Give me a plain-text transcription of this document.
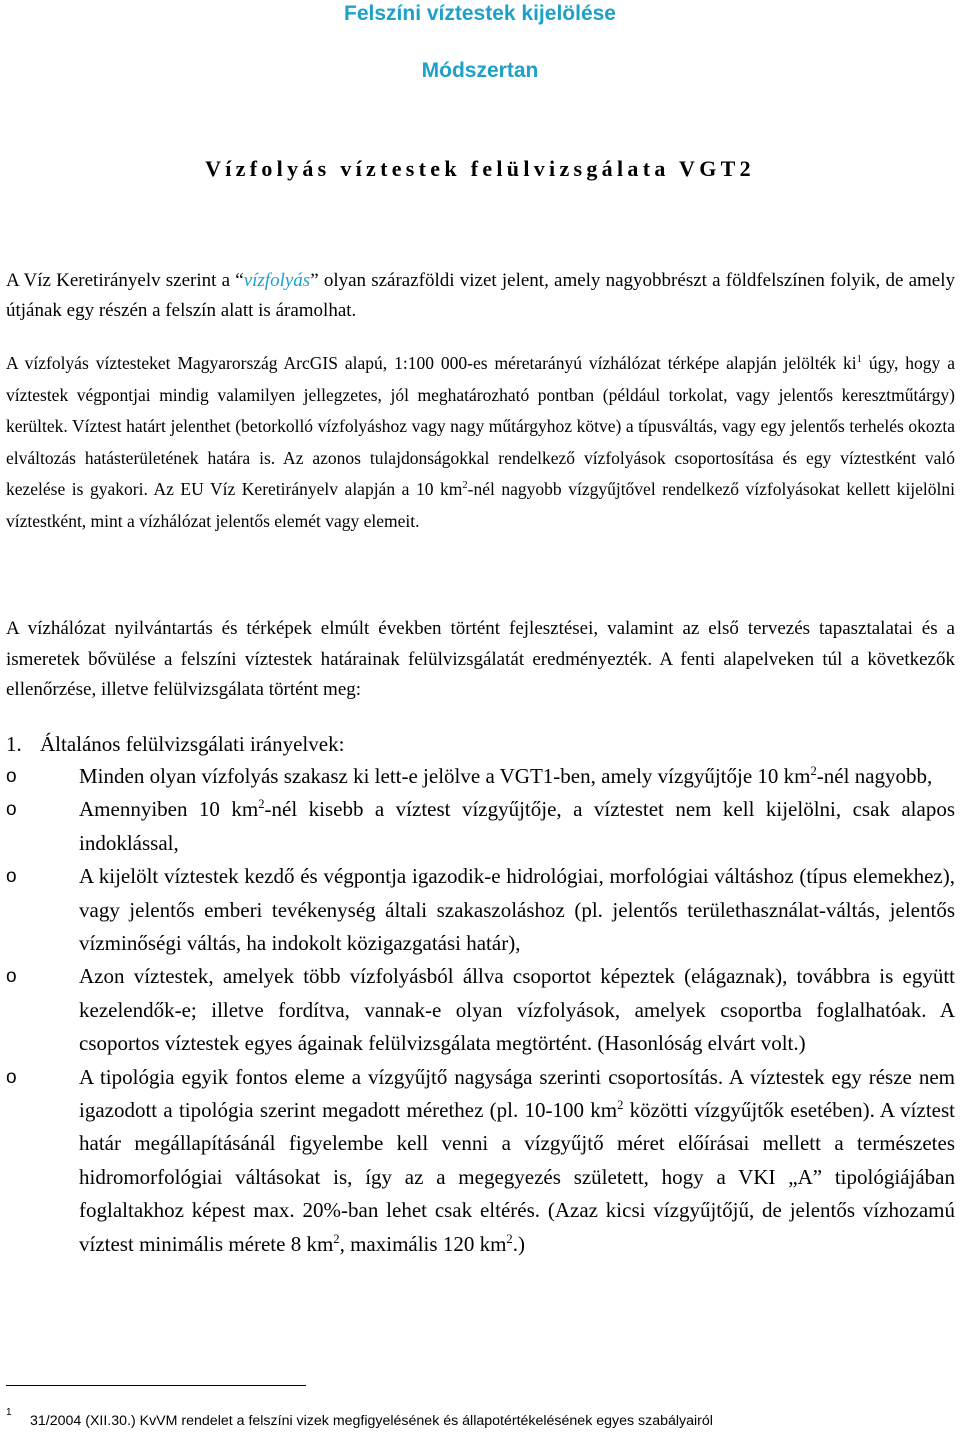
Felszíni víztestek kijelölése
Módszertan
Vízfolyás víztestek felülvizsgálata VGT2

A Víz Keretirányelv szerint a “vízfolyás” olyan szárazföldi vizet jelent, amely nagyobbrészt a földfelszínen folyik, de amely útjának egy részén a felszín alatt is áramolhat.

A vízfolyás víztesteket Magyarország ArcGIS alapú, 1:100 000-es méretarányú vízhálózat térképe alapján jelölték $ki^1$ úgy, hogy a víztestek végpontjai mindig valamilyen jellegzetes, jól meghatározható pontban (például torkolat, vagy jelentős keresztműtárgy) kerültek. Víztest határt jelenthet (betorkolló vízfolyáshoz vagy nagy műtárgyhoz kötve) a típusváltás, vagy egy jelentős terhelés okozta elváltozás hatásterületének határa is. Az azonos tulajdonságokkal rendelkező vízfolyások csoportosítása és egy víztestként való kezelése is gyakori. Az EU Víz Keretirányelv alapján a 10 $km^2$-nél nagyobb vízgyűjtővel rendelkező vízfolyásokat kellett kijelölni víztestként, mint a vízhálózat jelentős elemét vagy elemeit.

A vízhálózat nyilvántartás és térképek elmúlt években történt fejlesztései, valamint az első tervezés tapasztalatai és a ismeretek bővülése a felszíni víztestek határainak felülvizsgálatát eredményezték. A fenti alapelveken túl a következők ellenőrzése, illetve felülvizsgálata történt meg:

1. Általános felülvizsgálati irányelvek:
o	Minden olyan vízfolyás szakasz ki lett-e jelölve a VGT1-ben, amely vízgyűjtője 10 $km^2$-nél nagyobb,
o	Amennyiben 10 $km^2$-nél kisebb a víztest vízgyűjtője, a víztestet nem kell kijelölni, csak alapos indoklással,
o	A kijelölt víztestek kezdő és végpontja igazodik-e hidrológiai, morfológiai váltáshoz (típus elemekhez), vagy jelentős emberi tevékenység általi szakaszoláshoz (pl. jelentős területhasználat-váltás, jelentős vízminőségi váltás, ha indokolt közigazgatási határ),
o	Azon víztestek, amelyek több vízfolyásból állva csoportot képeztek (elágaznak), továbbra is együtt kezelendők-e; illetve fordítva, vannak-e olyan vízfolyások, amelyek csoportba foglalhatóak. A csoportos víztestek egyes ágainak felülvizsgálata megtörtént. (Hasonlóság elvárt volt.)
o	A tipológia egyik fontos eleme a vízgyűjtő nagysága szerinti csoportosítás. A víztestek egy része nem igazodott a tipológia szerint megadott mérethez (pl. 10-100 $km^2$ közötti vízgyűjtők esetében). A víztest határ megállapításánál figyelembe kell venni a vízgyűjtő méret előírásai mellett a természetes hidromorfológiai váltásokat is, így az a megegyezés született, hogy a VKI „A” tipológiájában foglaltakhoz képest max. 20%-ban lehet csak eltérés. (Azaz kicsi vízgyűjtőjű, de jelentős vízhozamú víztest minimális mérete 8 $km^2$, maximális 120 $km^2$.)
1
31/2004 (XII.30.) KvVM rendelet a felszíni vizek megfigyelésének és állapotértékelésének egyes szabályairól
